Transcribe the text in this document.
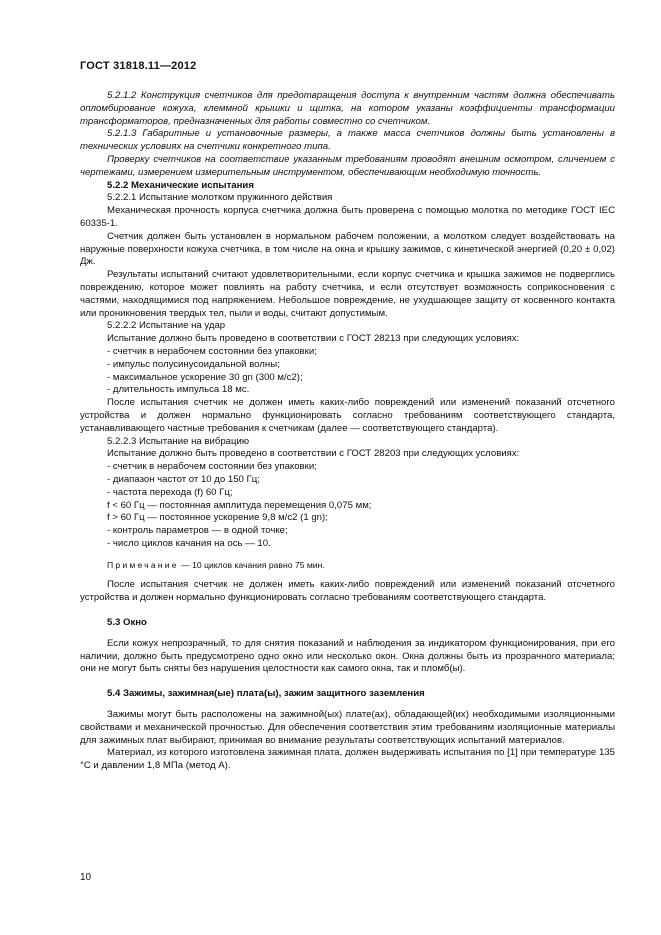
ГОСТ 31818.11—2012

5.2.1.2 Конструкция счетчиков для предотвращения доступа к внутренним частям должна обеспечивать опломбирование кожуха, клеммной крышки и щитка, на котором указаны коэффициенты трансформации трансформаторов, предназначенных для работы совместно со счетчиком.

5.2.1.3 Габаритные и установочные размеры, а также масса счетчиков должны быть установлены в технических условиях на счетчики конкретного типа.

Проверку счетчиков на соответствие указанным требованиям проводят внешним осмотром, сличением с чертежами, измерением измерительным инструментом, обеспечивающим необходимую точность.

5.2.2 Механические испытания

5.2.2.1 Испытание молотком пружинного действия

Механическая прочность корпуса счетчика должна быть проверена с помощью молотка по методике ГОСТ IEC 60335-1.

Счетчик должен быть установлен в нормальном рабочем положении, а молотком следует воздействовать на наружные поверхности кожуха счетчика, в том числе на окна и крышку зажимов, с кинетической энергией (0,20 ± 0,02) Дж.

Результаты испытаний считают удовлетворительными, если корпус счетчика и крышка зажимов не подверглись повреждению, которое может повлиять на работу счетчика, и если отсутствует возможность соприкосновения с частями, находящимися под напряжением. Небольшое повреждение, не ухудшающее защиту от косвенного контакта или проникновения твердых тел, пыли и воды, считают допустимым.

5.2.2.2 Испытание на удар

Испытание должно быть проведено в соответствии с ГОСТ 28213 при следующих условиях:

- счетчик в нерабочем состоянии без упаковки;

- импульс полусинусоидальной волны;

- максимальное ускорение 30 gn (300 м/с2);

- длительность импульса 18 мс.

После испытания счетчик не должен иметь каких-либо повреждений или изменений показаний отсчетного устройства и должен нормально функционировать согласно требованиям соответствующего стандарта, устанавливающего частные требования к счетчикам (далее — соответствующего стандарта).

5.2.2.3 Испытание на вибрацию

Испытание должно быть проведено в соответствии с ГОСТ 28203 при следующих условиях:

- счетчик в нерабочем состоянии без упаковки;

- диапазон частот от 10 до 150 Гц;

- частота перехода (f) 60 Гц;

f < 60 Гц — постоянная амплитуда перемещения 0,075 мм;

f > 60 Гц — постоянное ускорение 9,8 м/с2 (1 gn);

- контроль параметров — в одной точке;

- число циклов качания на ось — 10.

Примечание — 10 циклов качания равно 75 мин.

После испытания счетчик не должен иметь каких-либо повреждений или изменений показаний отсчетного устройства и должен нормально функционировать согласно требованиям соответствующего стандарта.

5.3 Окно

Если кожух непрозрачный, то для снятия показаний и наблюдения за индикатором функционирования, при его наличии, должно быть предусмотрено одно окно или несколько окон. Окна должны быть из прозрачного материала; они не могут быть сняты без нарушения целостности как самого окна, так и пломб(ы).

5.4 Зажимы, зажимная(ые) плата(ы), зажим защитного заземления

Зажимы могут быть расположены на зажимной(ых) плате(ах), обладающей(их) необходимыми изоляционными свойствами и механической прочностью. Для обеспечения соответствия этим требованиям изоляционные материалы для зажимных плат выбирают, принимая во внимание результаты соответствующих испытаний материалов.

Материал, из которого изготовлена зажимная плата, должен выдерживать испытания по [1] при температуре 135 °С и давлении 1,8 МПа (метод А).

10
